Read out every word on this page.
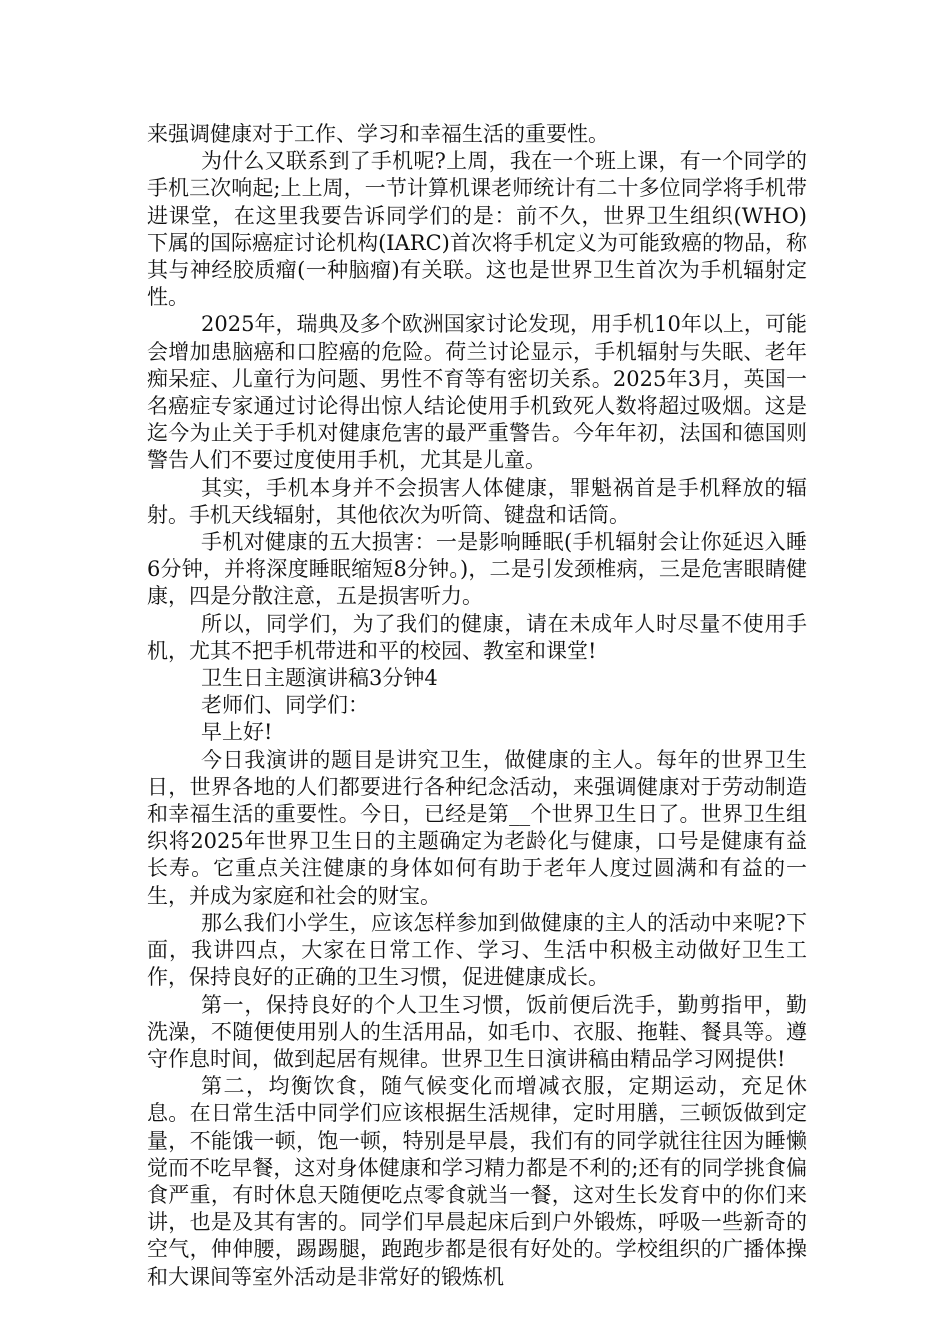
来强调健康对于工作、学习和幸福生活的重要性。

为什么又联系到了手机呢?上周，我在一个班上课，有一个同学的手机三次响起;上上周，一节计算机课老师统计有二十多位同学将手机带进课堂，在这里我要告诉同学们的是：前不久，世界卫生组织(WHO)下属的国际癌症讨论机构(IARC)首次将手机定义为可能致癌的物品，称其与神经胶质瘤(一种脑瘤)有关联。这也是世界卫生首次为手机辐射定性。

2025年，瑞典及多个欧洲国家讨论发现，用手机10年以上，可能会增加患脑癌和口腔癌的危险。荷兰讨论显示，手机辐射与失眠、老年痴呆症、儿童行为问题、男性不育等有密切关系。2025年3月，英国一名癌症专家通过讨论得出惊人结论使用手机致死人数将超过吸烟。这是迄今为止关于手机对健康危害的最严重警告。今年年初，法国和德国则警告人们不要过度使用手机，尤其是儿童。

其实，手机本身并不会损害人体健康，罪魁祸首是手机释放的辐射。手机天线辐射，其他依次为听筒、键盘和话筒。

手机对健康的五大损害：一是影响睡眠(手机辐射会让你延迟入睡6分钟，并将深度睡眠缩短8分钟。)，二是引发颈椎病，三是危害眼睛健康，四是分散注意，五是损害听力。

所以，同学们，为了我们的健康，请在未成年人时尽量不使用手机，尤其不把手机带进和平的校园、教室和课堂!

卫生日主题演讲稿3分钟4

老师们、同学们：

早上好!

今日我演讲的题目是讲究卫生，做健康的主人。每年的世界卫生日，世界各地的人们都要进行各种纪念活动，来强调健康对于劳动制造和幸福生活的重要性。今日，已经是第__个世界卫生日了。世界卫生组织将2025年世界卫生日的主题确定为老龄化与健康，口号是健康有益长寿。它重点关注健康的身体如何有助于老年人度过圆满和有益的一生，并成为家庭和社会的财宝。

那么我们小学生，应该怎样参加到做健康的主人的活动中来呢?下面，我讲四点，大家在日常工作、学习、生活中积极主动做好卫生工作，保持良好的正确的卫生习惯，促进健康成长。

第一，保持良好的个人卫生习惯，饭前便后洗手，勤剪指甲，勤洗澡，不随便使用别人的生活用品，如毛巾、衣服、拖鞋、餐具等。遵守作息时间，做到起居有规律。世界卫生日演讲稿由精品学习网提供!

第二，均衡饮食，随气候变化而增减衣服，定期运动，充足休息。在日常生活中同学们应该根据生活规律，定时用膳，三顿饭做到定量，不能饿一顿，饱一顿，特别是早晨，我们有的同学就往往因为睡懒觉而不吃早餐，这对身体健康和学习精力都是不利的;还有的同学挑食偏食严重，有时休息天随便吃点零食就当一餐，这对生长发育中的你们来讲，也是及其有害的。同学们早晨起床后到户外锻炼，呼吸一些新奇的空气，伸伸腰，踢踢腿，跑跑步都是很有好处的。学校组织的广播体操和大课间等室外活动是非常好的锻炼机
